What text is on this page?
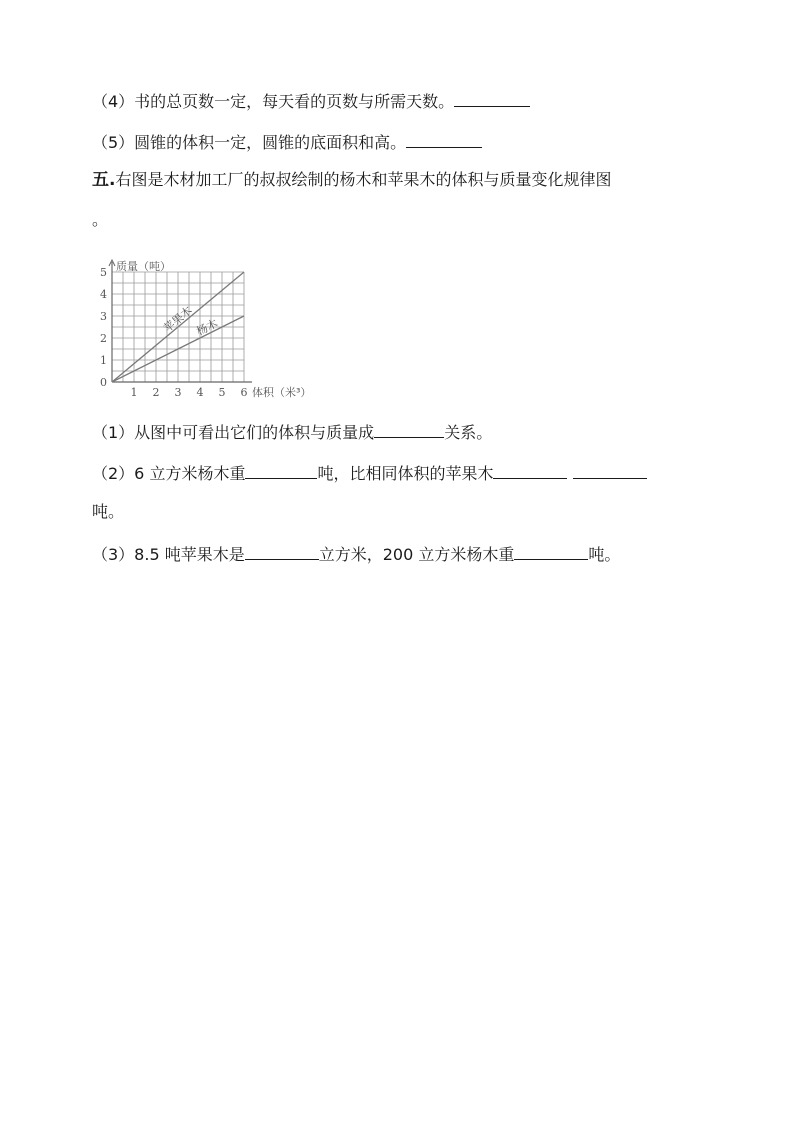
（4）书的总页数一定，每天看的页数与所需天数。
（5）圆锥的体积一定，圆锥的底面积和高。
五.右图是木材加工厂的叔叔绘制的杨木和苹果木的体积与质量变化规律图
。
1 2 3 4 5 6
0
1
2
3
4
5 质量（吨）
体积（米³）
苹果木 杨木
（1）从图中可看出它们的体积与质量成	关系。
（2）6 立方米杨木重	吨，比相同体积的苹果木
吨。
（3）8.5 吨苹果木是	立方米，200 立方米杨木重	吨。
